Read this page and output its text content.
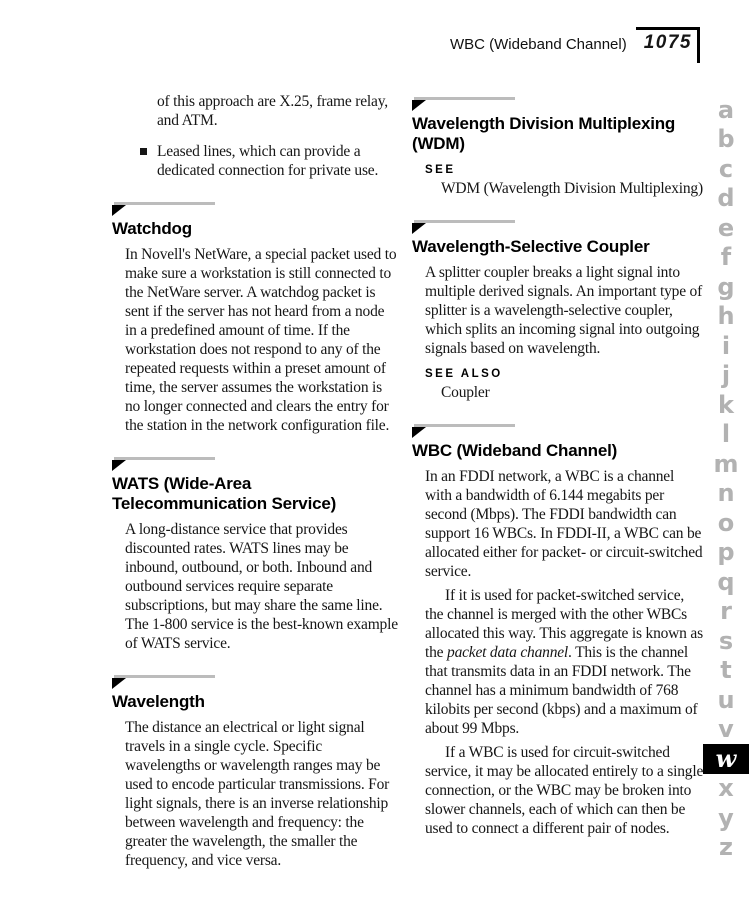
WBC (Wideband Channel) 1075

of this approach are X.25, frame relay, and ATM.

Leased lines, which can provide a dedicated connection for private use.

Watchdog

In Novell's NetWare, a special packet used to make sure a workstation is still connected to the NetWare server. A watchdog packet is sent if the server has not heard from a node in a predefined amount of time. If the workstation does not respond to any of the repeated requests within a preset amount of time, the server assumes the workstation is no longer connected and clears the entry for the station in the network configuration file.

WATS (Wide-Area Telecommunication Service)

A long-distance service that provides discounted rates. WATS lines may be inbound, outbound, or both. Inbound and outbound services require separate subscriptions, but may share the same line. The 1-800 service is the best-known example of WATS service.

Wavelength

The distance an electrical or light signal travels in a single cycle. Specific wavelengths or wavelength ranges may be used to encode particular transmissions. For light signals, there is an inverse relationship between wavelength and frequency: the greater the wavelength, the smaller the frequency, and vice versa.

Wavelength Division Multiplexing (WDM)

SEE

WDM (Wavelength Division Multiplexing)

Wavelength-Selective Coupler

A splitter coupler breaks a light signal into multiple derived signals. An important type of splitter is a wavelength-selective coupler, which splits an incoming signal into outgoing signals based on wavelength.

SEE ALSO

Coupler

WBC (Wideband Channel)

In an FDDI network, a WBC is a channel with a bandwidth of 6.144 megabits per second (Mbps). The FDDI bandwidth can support 16 WBCs. In FDDI-II, a WBC can be allocated either for packet- or circuit-switched service.

If it is used for packet-switched service, the channel is merged with the other WBCs allocated this way. This aggregate is known as the packet data channel. This is the channel that transmits data in an FDDI network. The channel has a minimum bandwidth of 768 kilobits per second (kbps) and a maximum of about 99 Mbps.

If a WBC is used for circuit-switched service, it may be allocated entirely to a single connection, or the WBC may be broken into slower channels, each of which can then be used to connect a different pair of nodes.

a
b
c
d
e
f
g
h
i
j
k
l
m
n
o
p
q
r
s
t
u
v
w
x
y
z
